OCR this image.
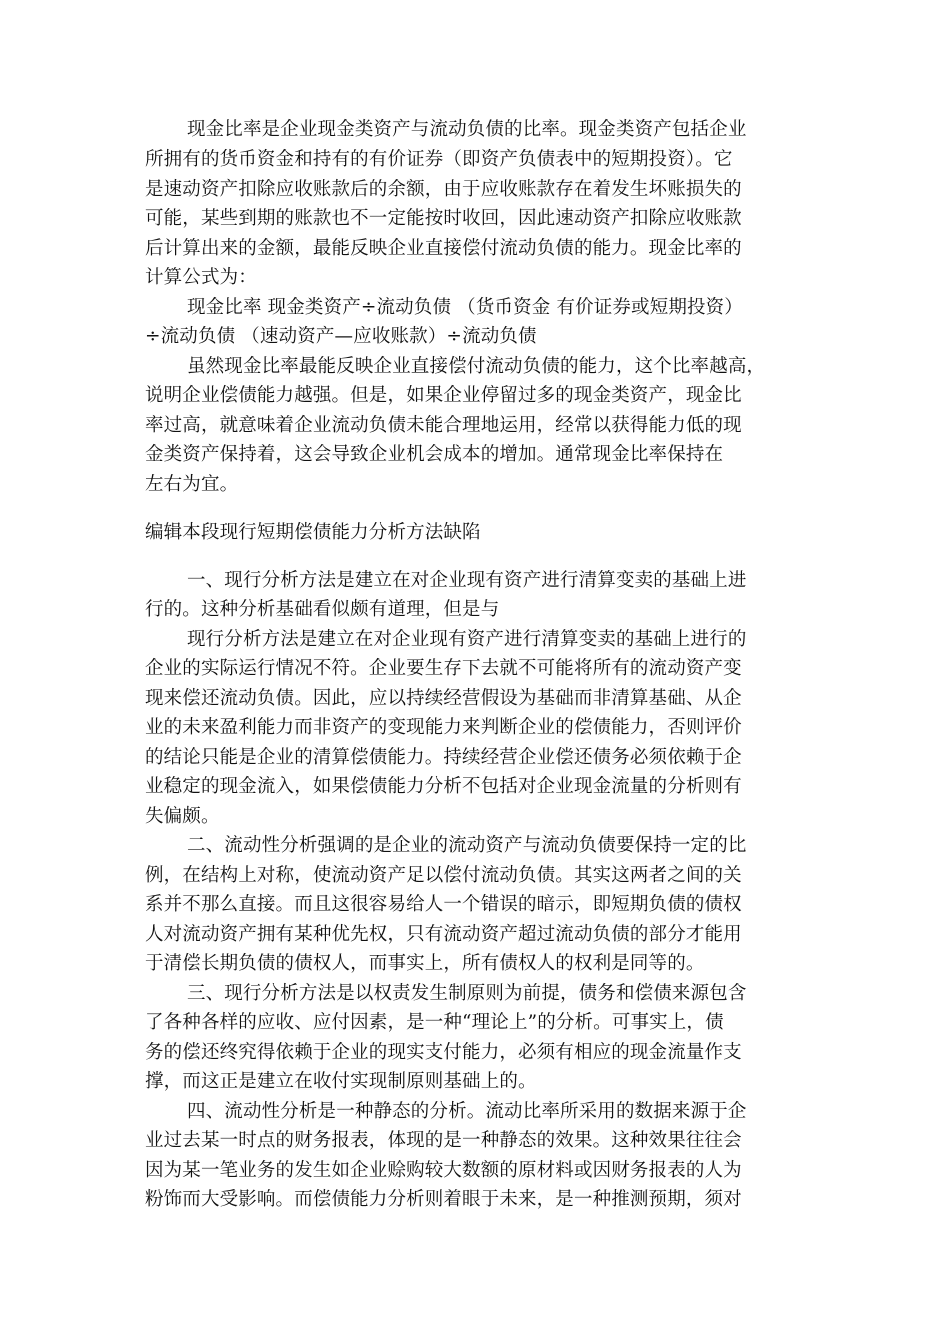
现金比率是企业现金类资产与流动负债的比率。现金类资产包括企业
所拥有的货币资金和持有的有价证券（即资产负债表中的短期投资）。它
是速动资产扣除应收账款后的余额，由于应收账款存在着发生坏账损失的
可能，某些到期的账款也不一定能按时收回，因此速动资产扣除应收账款
后计算出来的金额，最能反映企业直接偿付流动负债的能力。现金比率的
计算公式为：
现金比率 现金类资产÷流动负债 （货币资金 有价证券或短期投资）
÷流动负债 （速动资产—应收账款）÷流动负债
虽然现金比率最能反映企业直接偿付流动负债的能力，这个比率越高，
说明企业偿债能力越强。但是，如果企业停留过多的现金类资产，现金比
率过高，就意味着企业流动负债未能合理地运用，经常以获得能力低的现
金类资产保持着，这会导致企业机会成本的增加。通常现金比率保持在
左右为宜。
编辑本段现行短期偿债能力分析方法缺陷
一、现行分析方法是建立在对企业现有资产进行清算变卖的基础上进
行的。这种分析基础看似颇有道理，但是与
现行分析方法是建立在对企业现有资产进行清算变卖的基础上进行的
企业的实际运行情况不符。企业要生存下去就不可能将所有的流动资产变
现来偿还流动负债。因此，应以持续经营假设为基础而非清算基础、从企
业的未来盈利能力而非资产的变现能力来判断企业的偿债能力，否则评价
的结论只能是企业的清算偿债能力。持续经营企业偿还债务必须依赖于企
业稳定的现金流入，如果偿债能力分析不包括对企业现金流量的分析则有
失偏颇。
二、流动性分析强调的是企业的流动资产与流动负债要保持一定的比
例，在结构上对称，使流动资产足以偿付流动负债。其实这两者之间的关
系并不那么直接。而且这很容易给人一个错误的暗示，即短期负债的债权
人对流动资产拥有某种优先权，只有流动资产超过流动负债的部分才能用
于清偿长期负债的债权人，而事实上，所有债权人的权利是同等的。
三、现行分析方法是以权责发生制原则为前提，债务和偿债来源包含
了各种各样的应收、应付因素，是一种“理论上”的分析。可事实上，债
务的偿还终究得依赖于企业的现实支付能力，必须有相应的现金流量作支
撑，而这正是建立在收付实现制原则基础上的。
四、流动性分析是一种静态的分析。流动比率所采用的数据来源于企
业过去某一时点的财务报表，体现的是一种静态的效果。这种效果往往会
因为某一笔业务的发生如企业赊购较大数额的原材料或因财务报表的人为
粉饰而大受影响。而偿债能力分析则着眼于未来，是一种推测预期，须对
